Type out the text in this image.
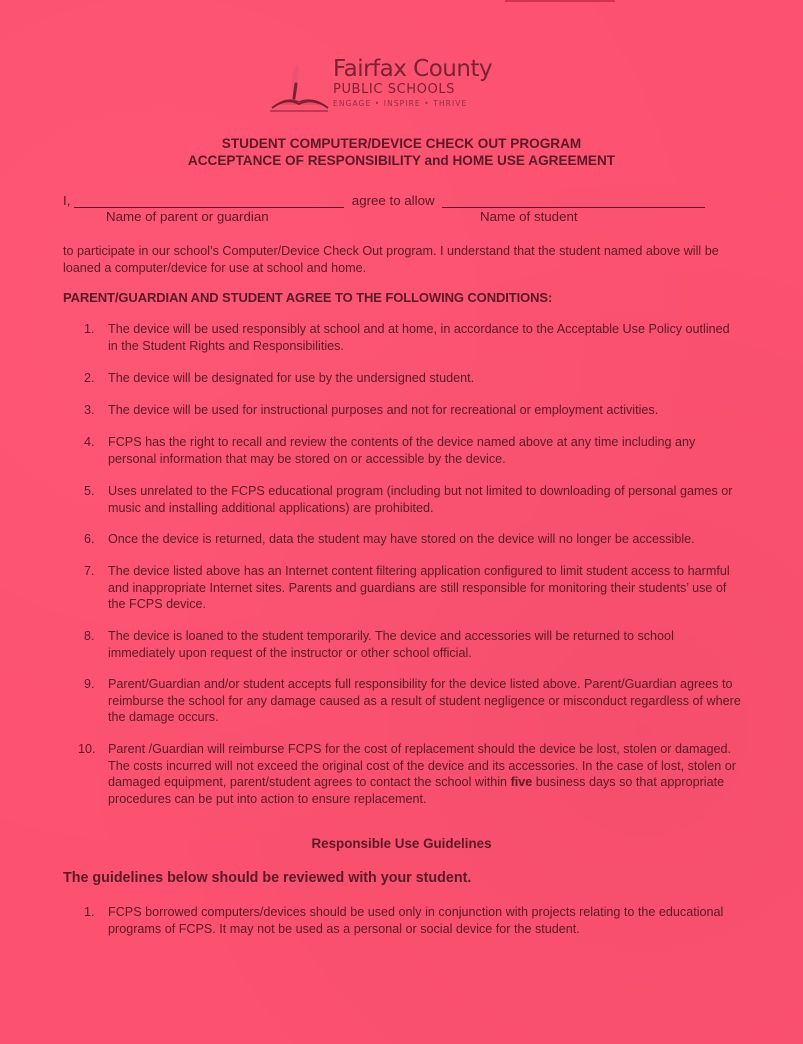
Fairfax County
PUBLIC SCHOOLS
ENGAGE • INSPIRE • THRIVE
STUDENT COMPUTER/DEVICE CHECK OUT PROGRAM
ACCEPTANCE OF RESPONSIBILITY and HOME USE AGREEMENT
I,	agree to allow
Name of parent or guardian	Name of student
to participate in our school’s Computer/Device Check Out program. I understand that the student named above will be loaned a computer/device for use at school and home.
PARENT/GUARDIAN AND STUDENT AGREE TO THE FOLLOWING CONDITIONS:
1. The device will be used responsibly at school and at home, in accordance to the Acceptable Use Policy outlined in the Student Rights and Responsibilities.
2. The device will be designated for use by the undersigned student.
3. The device will be used for instructional purposes and not for recreational or employment activities.
4. FCPS has the right to recall and review the contents of the device named above at any time including any personal information that may be stored on or accessible by the device.
5. Uses unrelated to the FCPS educational program (including but not limited to downloading of personal games or music and installing additional applications) are prohibited.
6. Once the device is returned, data the student may have stored on the device will no longer be accessible.
7. The device listed above has an Internet content filtering application configured to limit student access to harmful and inappropriate Internet sites. Parents and guardians are still responsible for monitoring their students’ use of the FCPS device.
8. The device is loaned to the student temporarily. The device and accessories will be returned to school immediately upon request of the instructor or other school official.
9. Parent/Guardian and/or student accepts full responsibility for the device listed above. Parent/Guardian agrees to reimburse the school for any damage caused as a result of student negligence or misconduct regardless of where the damage occurs.
10. Parent /Guardian will reimburse FCPS for the cost of replacement should the device be lost, stolen or damaged. The costs incurred will not exceed the original cost of the device and its accessories. In the case of lost, stolen or damaged equipment, parent/student agrees to contact the school within five business days so that appropriate procedures can be put into action to ensure replacement.
Responsible Use Guidelines
The guidelines below should be reviewed with your student.
1. FCPS borrowed computers/devices should be used only in conjunction with projects relating to the educational programs of FCPS. It may not be used as a personal or social device for the student.
